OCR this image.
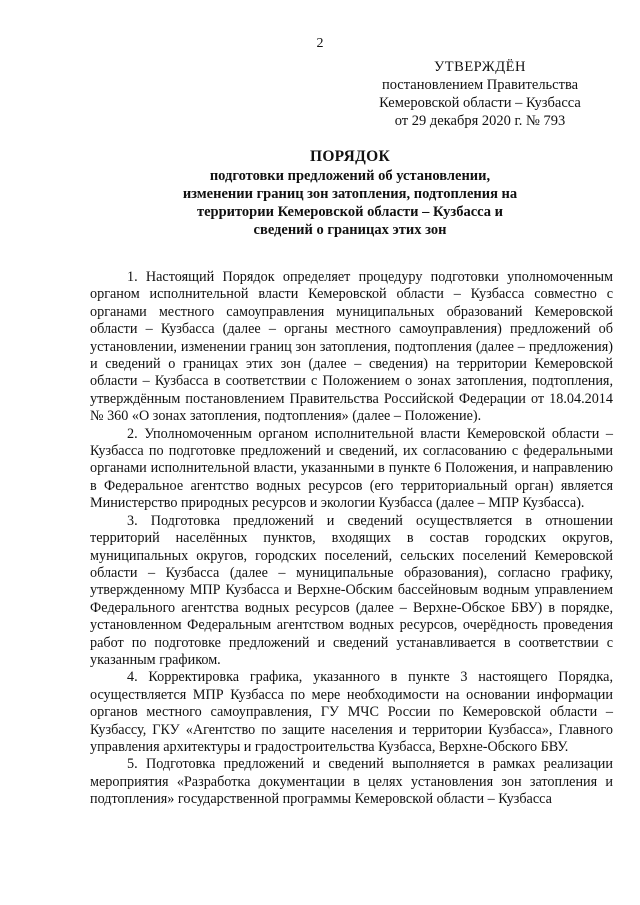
2
УТВЕРЖДЁН
постановлением Правительства
Кемеровской области – Кузбасса
от 29 декабря 2020 г. № 793
ПОРЯДОК
подготовки предложений об установлении,
изменении границ зон затопления, подтопления на
территории Кемеровской области – Кузбасса и
сведений о границах этих зон

1. Настоящий Порядок определяет процедуру подготовки уполномоченным органом исполнительной власти Кемеровской области – Кузбасса совместно с органами местного самоуправления муниципальных образований Кемеровской области – Кузбасса (далее – органы местного самоуправления) предложений об установлении, изменении границ зон затопления, подтопления (далее – предложения) и сведений о границах этих зон (далее – сведения) на территории Кемеровской области – Кузбасса в соответствии с Положением о зонах затопления, подтопления, утверждённым постановлением Правительства Российской Федерации от 18.04.2014 № 360 «О зонах затопления, подтопления» (далее – Положение).

2. Уполномоченным органом исполнительной власти Кемеровской области – Кузбасса по подготовке предложений и сведений, их согласованию с федеральными органами исполнительной власти, указанными в пункте 6 Положения, и направлению в Федеральное агентство водных ресурсов (его территориальный орган) является Министерство природных ресурсов и экологии Кузбасса (далее – МПР Кузбасса).

3. Подготовка предложений и сведений осуществляется в отношении территорий населённых пунктов, входящих в состав городских округов, муниципальных округов, городских поселений, сельских поселений Кемеровской области – Кузбасса (далее – муниципальные образования), согласно графику, утвержденному МПР Кузбасса и Верхне-Обским бассейновым водным управлением Федерального агентства водных ресурсов (далее – Верхне-Обское БВУ) в порядке, установленном Федеральным агентством водных ресурсов, очерёдность проведения работ по подготовке предложений и сведений устанавливается в соответствии с указанным графиком.

4. Корректировка графика, указанного в пункте 3 настоящего Порядка, осуществляется МПР Кузбасса по мере необходимости на основании информации органов местного самоуправления, ГУ МЧС России по Кемеровской области – Кузбассу, ГКУ «Агентство по защите населения и территории Кузбасса», Главного управления архитектуры и градостроительства Кузбасса, Верхне-Обского БВУ.

5. Подготовка предложений и сведений выполняется в рамках реализации мероприятия «Разработка документации в целях установления зон затопления и подтопления» государственной программы Кемеровской области – Кузбасса
